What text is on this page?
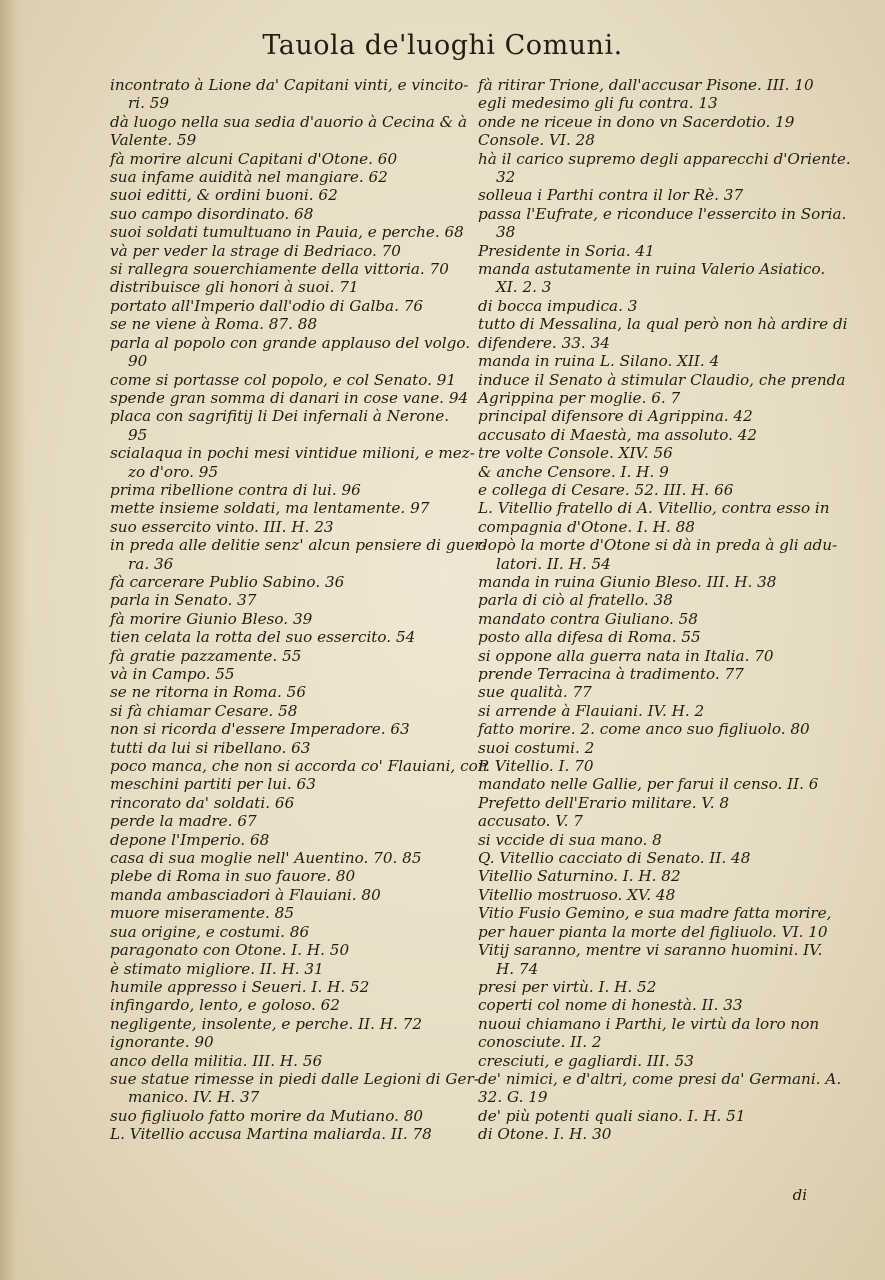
Tauola de'luoghi Comuni.
incontrato à Lione da' Capitani vinti, e vincito-
ri. 59
dà luogo nella sua sedia d'auorio à Cecina & à
Valente. 59
fà morire alcuni Capitani d'Otone. 60
sua infame auidità nel mangiare. 62
suoi editti, & ordini buoni. 62
suo campo disordinato. 68
suoi soldati tumultuano in Pauia, e perche. 68
và per veder la strage di Bedriaco. 70
si rallegra souerchiamente della vittoria. 70
distribuisce gli honori à suoi. 71
portato all'Imperio dall'odio di Galba. 76
se ne viene à Roma. 87. 88
parla al popolo con grande applauso del volgo.
90
come si portasse col popolo, e col Senato. 91
spende gran somma di danari in cose vane. 94
placa con sagrifitij li Dei infernali à Nerone.
95
scialaqua in pochi mesi vintidue milioni, e mez-
zo d'oro. 95
prima ribellione contra di lui. 96
mette insieme soldati, ma lentamente. 97
suo essercito vinto. III. H. 23
in preda alle delitie senz' alcun pensiere di guer-
ra. 36
fà carcerare Publio Sabino. 36
parla in Senato. 37
fà morire Giunio Bleso. 39
tien celata la rotta del suo essercito. 54
fà gratie pazzamente. 55
và in Campo. 55
se ne ritorna in Roma. 56
si fà chiamar Cesare. 58
non si ricorda d'essere Imperadore. 63
tutti da lui si ribellano. 63
poco manca, che non si accorda co' Flauiani, con
meschini partiti per lui. 63
rincorato da' soldati. 66
perde la madre. 67
depone l'Imperio. 68
casa di sua moglie nell' Auentino. 70. 85
plebe di Roma in suo fauore. 80
manda ambasciadori à Flauiani. 80
muore miseramente. 85
sua origine, e costumi. 86
paragonato con Otone. I. H. 50
è stimato migliore. II. H. 31
humile appresso i Seueri. I. H. 52
infingardo, lento, e goloso. 62
negligente, insolente, e perche. II. H. 72
ignorante. 90
anco della militia. III. H. 56
sue statue rimesse in piedi dalle Legioni di Ger-
manico. IV. H. 37
suo figliuolo fatto morire da Mutiano. 80
L. Vitellio accusa Martina maliarda. II. 78
fà ritirar Trione, dall'accusar Pisone. III. 10
egli medesimo gli fu contra. 13
onde ne riceue in dono vn Sacerdotio. 19
Console. VI. 28
hà il carico supremo degli apparecchi d'Oriente.
32
solleua i Parthi contra il lor Rè. 37
passa l'Eufrate, e riconduce l'essercito in Soria.
38
Presidente in Soria. 41
manda astutamente in ruina Valerio Asiatico.
XI. 2. 3
di bocca impudica. 3
tutto di Messalina, la qual però non hà ardire di
difendere. 33. 34
manda in ruina L. Silano. XII. 4
induce il Senato à stimular Claudio, che prenda
Agrippina per moglie. 6. 7
principal difensore di Agrippina. 42
accusato di Maestà, ma assoluto. 42
tre volte Console. XIV. 56
& anche Censore. I. H. 9
e collega di Cesare. 52. III. H. 66
L. Vitellio fratello di A. Vitellio, contra esso in
compagnia d'Otone. I. H. 88
dopò la morte d'Otone si dà in preda à gli adu-
latori. II. H. 54
manda in ruina Giunio Bleso. III. H. 38
parla di ciò al fratello. 38
mandato contra Giuliano. 58
posto alla difesa di Roma. 55
si oppone alla guerra nata in Italia. 70
prende Terracina à tradimento. 77
sue qualità. 77
si arrende à Flauiani. IV. H. 2
fatto morire. 2. come anco suo figliuolo. 80
suoi costumi. 2
P. Vitellio. I. 70
mandato nelle Gallie, per farui il censo. II. 6
Prefetto dell'Erario militare. V. 8
accusato. V. 7
si vccide di sua mano. 8
Q. Vitellio cacciato di Senato. II. 48
Vitellio Saturnino. I. H. 82
Vitellio mostruoso. XV. 48
Vitio Fusio Gemino, e sua madre fatta morire,
per hauer pianta la morte del figliuolo. VI. 10
Vitij saranno, mentre vi saranno huomini. IV.
H. 74
presi per virtù. I. H. 52
coperti col nome di honestà. II. 33
nuoui chiamano i Parthi, le virtù da loro non
conosciute. II. 2
cresciuti, e gagliardi. III. 53
de' nimici, e d'altri, come presi da' Germani. A.
32. G. 19
de' più potenti quali siano. I. H. 51
di Otone. I. H. 30
di
